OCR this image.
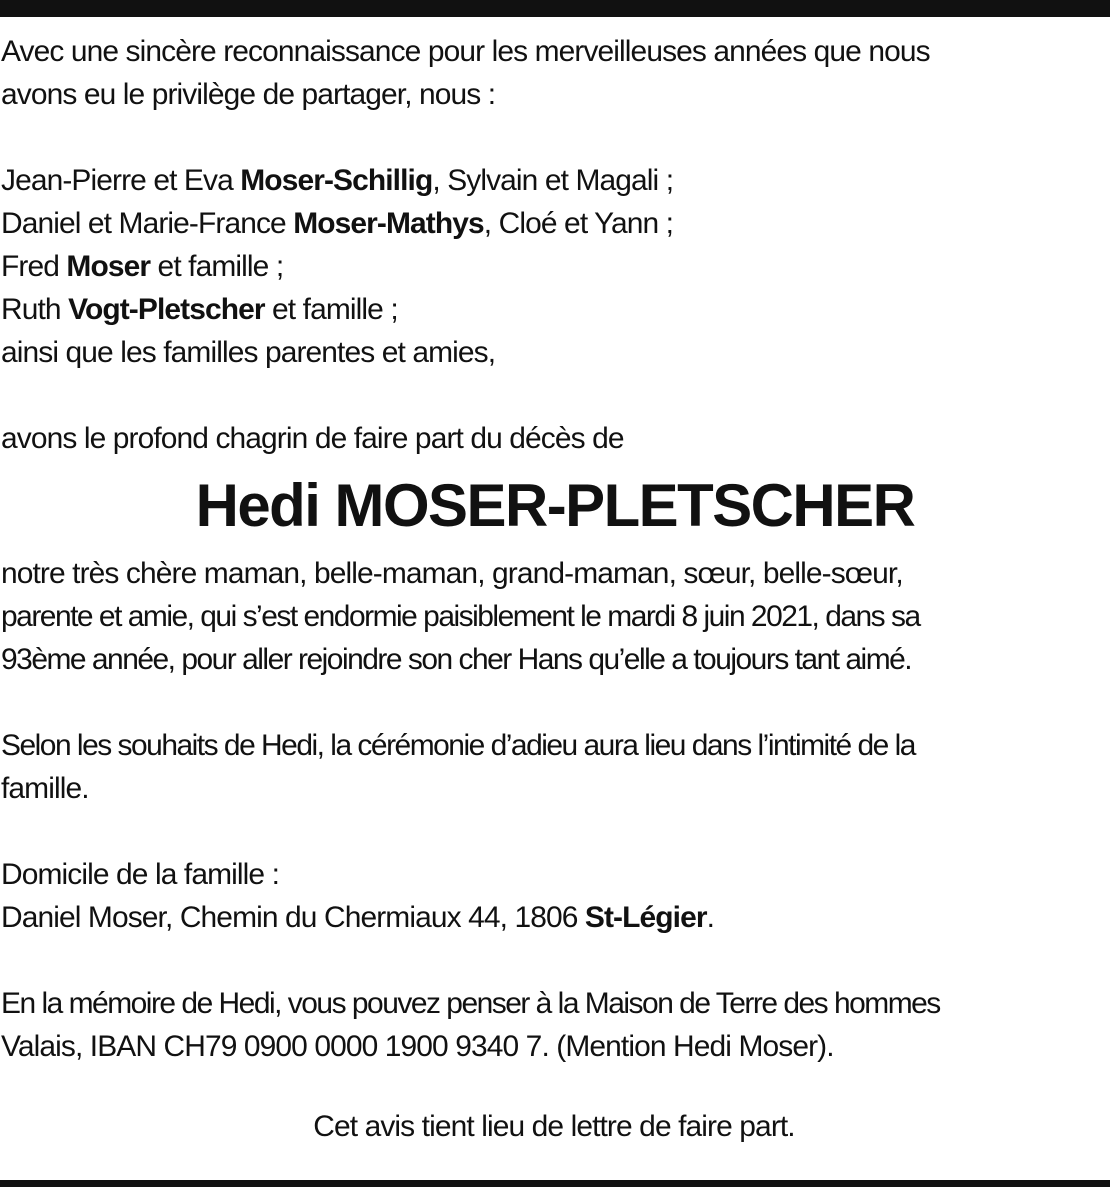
Avec une sincère reconnaissance pour les merveilleuses années que nous
avons eu le privilège de partager, nous :
Jean-Pierre et Eva Moser-Schillig, Sylvain et Magali ;
Daniel et Marie-France Moser-Mathys, Cloé et Yann ;
Fred Moser et famille ;
Ruth Vogt-Pletscher et famille ;
ainsi que les familles parentes et amies,
avons le profond chagrin de faire part du décès de
Hedi MOSER-PLETSCHER
notre très chère maman, belle-maman, grand-maman, sœur, belle-sœur,
parente et amie, qui s’est endormie paisiblement le mardi 8 juin 2021, dans sa
93ème année, pour aller rejoindre son cher Hans qu’elle a toujours tant aimé.
Selon les souhaits de Hedi, la cérémonie d’adieu aura lieu dans l’intimité de la
famille.
Domicile de la famille :
Daniel Moser, Chemin du Chermiaux 44, 1806 St-Légier.
En la mémoire de Hedi, vous pouvez penser à la Maison de Terre des hommes
Valais, IBAN CH79 0900 0000 1900 9340 7. (Mention Hedi Moser).
Cet avis tient lieu de lettre de faire part.
